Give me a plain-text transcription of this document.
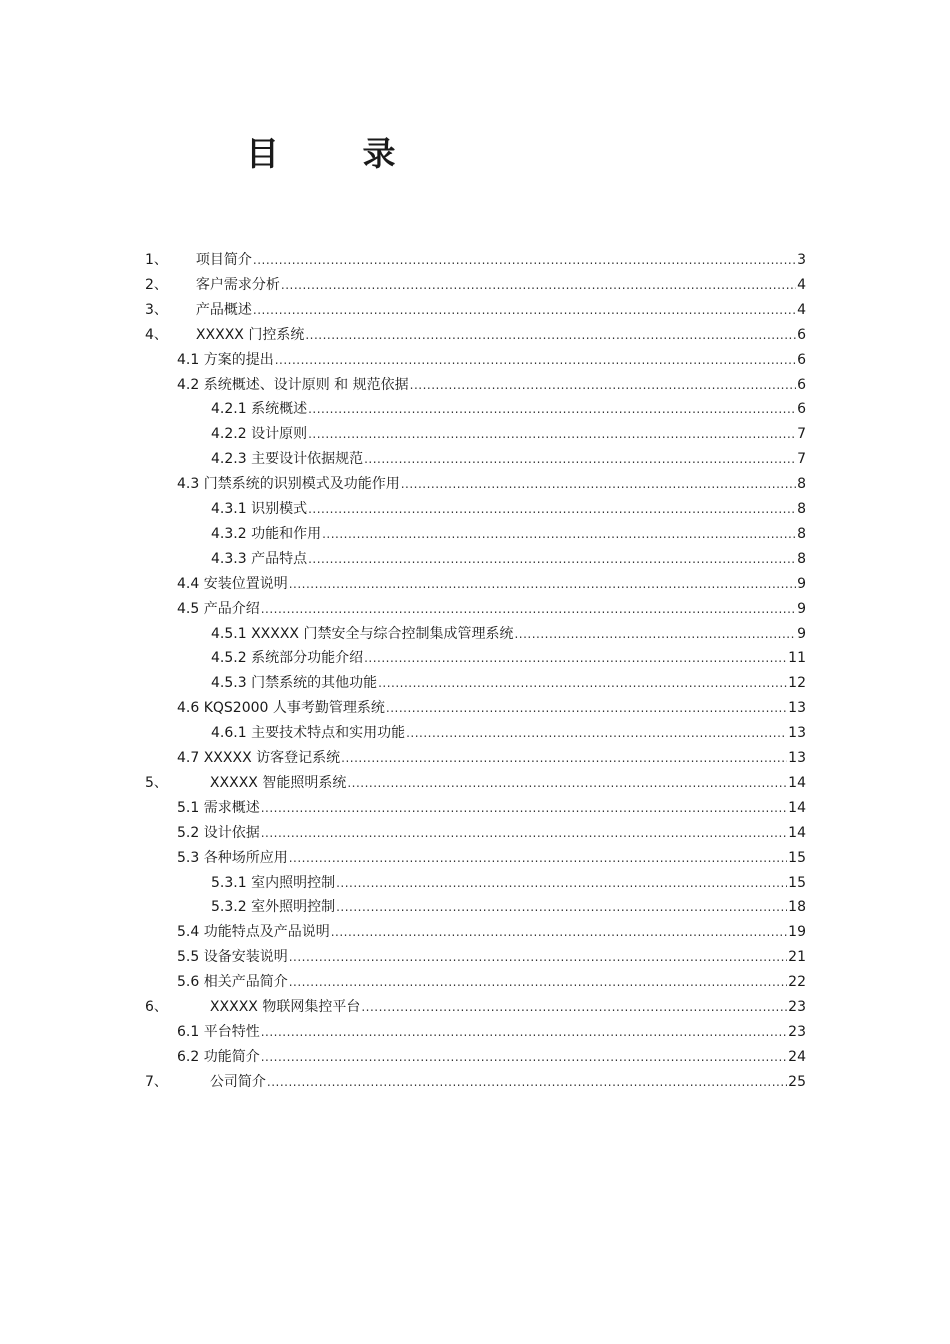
目 录
1、 项目简介 .....	3
2、 客户需求分析 .....	4
3、 产品概述 .....	4
4、 XXXXX 门控系统 .....	6
4.1 方案的提出 .....	6
4.2 系统概述、设计原则 和 规范依据 .....	6
4.2.1 系统概述 .....	6
4.2.2 设计原则 .....	7
4.2.3 主要设计依据规范 .....	7
4.3 门禁系统的识别模式及功能作用 .....	8
4.3.1 识别模式 .....	8
4.3.2 功能和作用 .....	8
4.3.3 产品特点 .....	8
4.4 安装位置说明 .....	9
4.5 产品介绍 .....	9
4.5.1 XXXXX 门禁安全与综合控制集成管理系统 .....	9
4.5.2 系统部分功能介绍 .....	11
4.5.3 门禁系统的其他功能 .....	12
4.6 KQS2000 人事考勤管理系统 .....	13
4.6.1 主要技术特点和实用功能 .....	13
4.7 XXXXX 访客登记系统 .....	13
5、	XXXXX 智能照明系统 .....	14
5.1 需求概述 .....	14
5.2 设计依据 .....	14
5.3 各种场所应用 .....	15
5.3.1 室内照明控制 .....	15
5.3.2 室外照明控制 .....	18
5.4 功能特点及产品说明 .....	19
5.5 设备安装说明 .....	21
5.6 相关产品简介 .....	22
6、	XXXXX 物联网集控平台 .....	23
6.1 平台特性 .....	23
6.2 功能简介 .....	24
7、	公司简介 .....	25
